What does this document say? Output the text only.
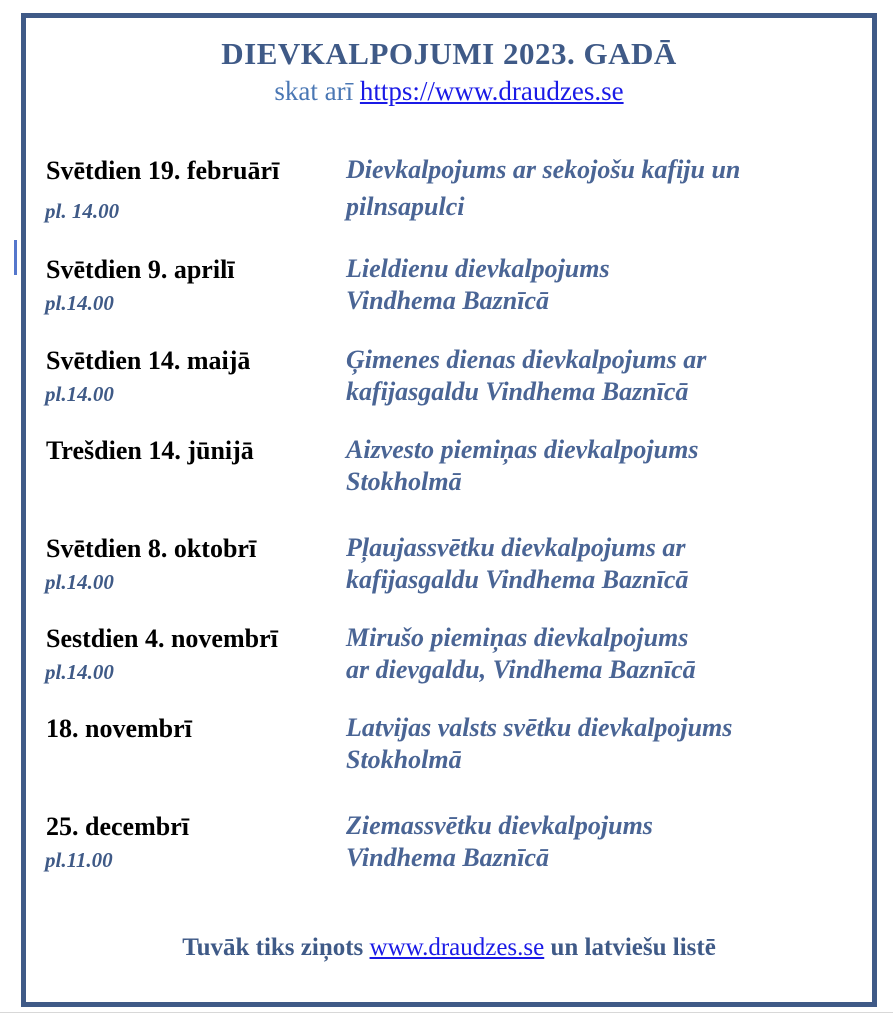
DIEVKALPOJUMI 2023. GADĀ
skat arī https://www.draudzes.se
Svētdien 19. februārī
pl. 14.00
Dievkalpojums ar sekojošu kafiju un
pilnsapulci
Svētdien 9. aprilī
pl.14.00
Lieldienu dievkalpojums
Vindhema Baznīcā
Svētdien 14. maijā
pl.14.00
Ģimenes dienas dievkalpojums ar
kafijasgaldu Vindhema Baznīcā
Trešdien 14. jūnijā	Aizvesto piemiņas dievkalpojums
Stokholmā
Svētdien 8. oktobrī
pl.14.00
Pļaujassvētku dievkalpojums ar
kafijasgaldu Vindhema Baznīcā
Sestdien 4. novembrī
pl.14.00
Mirušo piemiņas dievkalpojums
ar dievgaldu, Vindhema Baznīcā
18. novembrī	Latvijas valsts svētku dievkalpojums
Stokholmā
25. decembrī
pl.11.00
Ziemassvētku dievkalpojums
Vindhema Baznīcā
Tuvāk tiks ziņots www.draudzes.se un latviešu listē
